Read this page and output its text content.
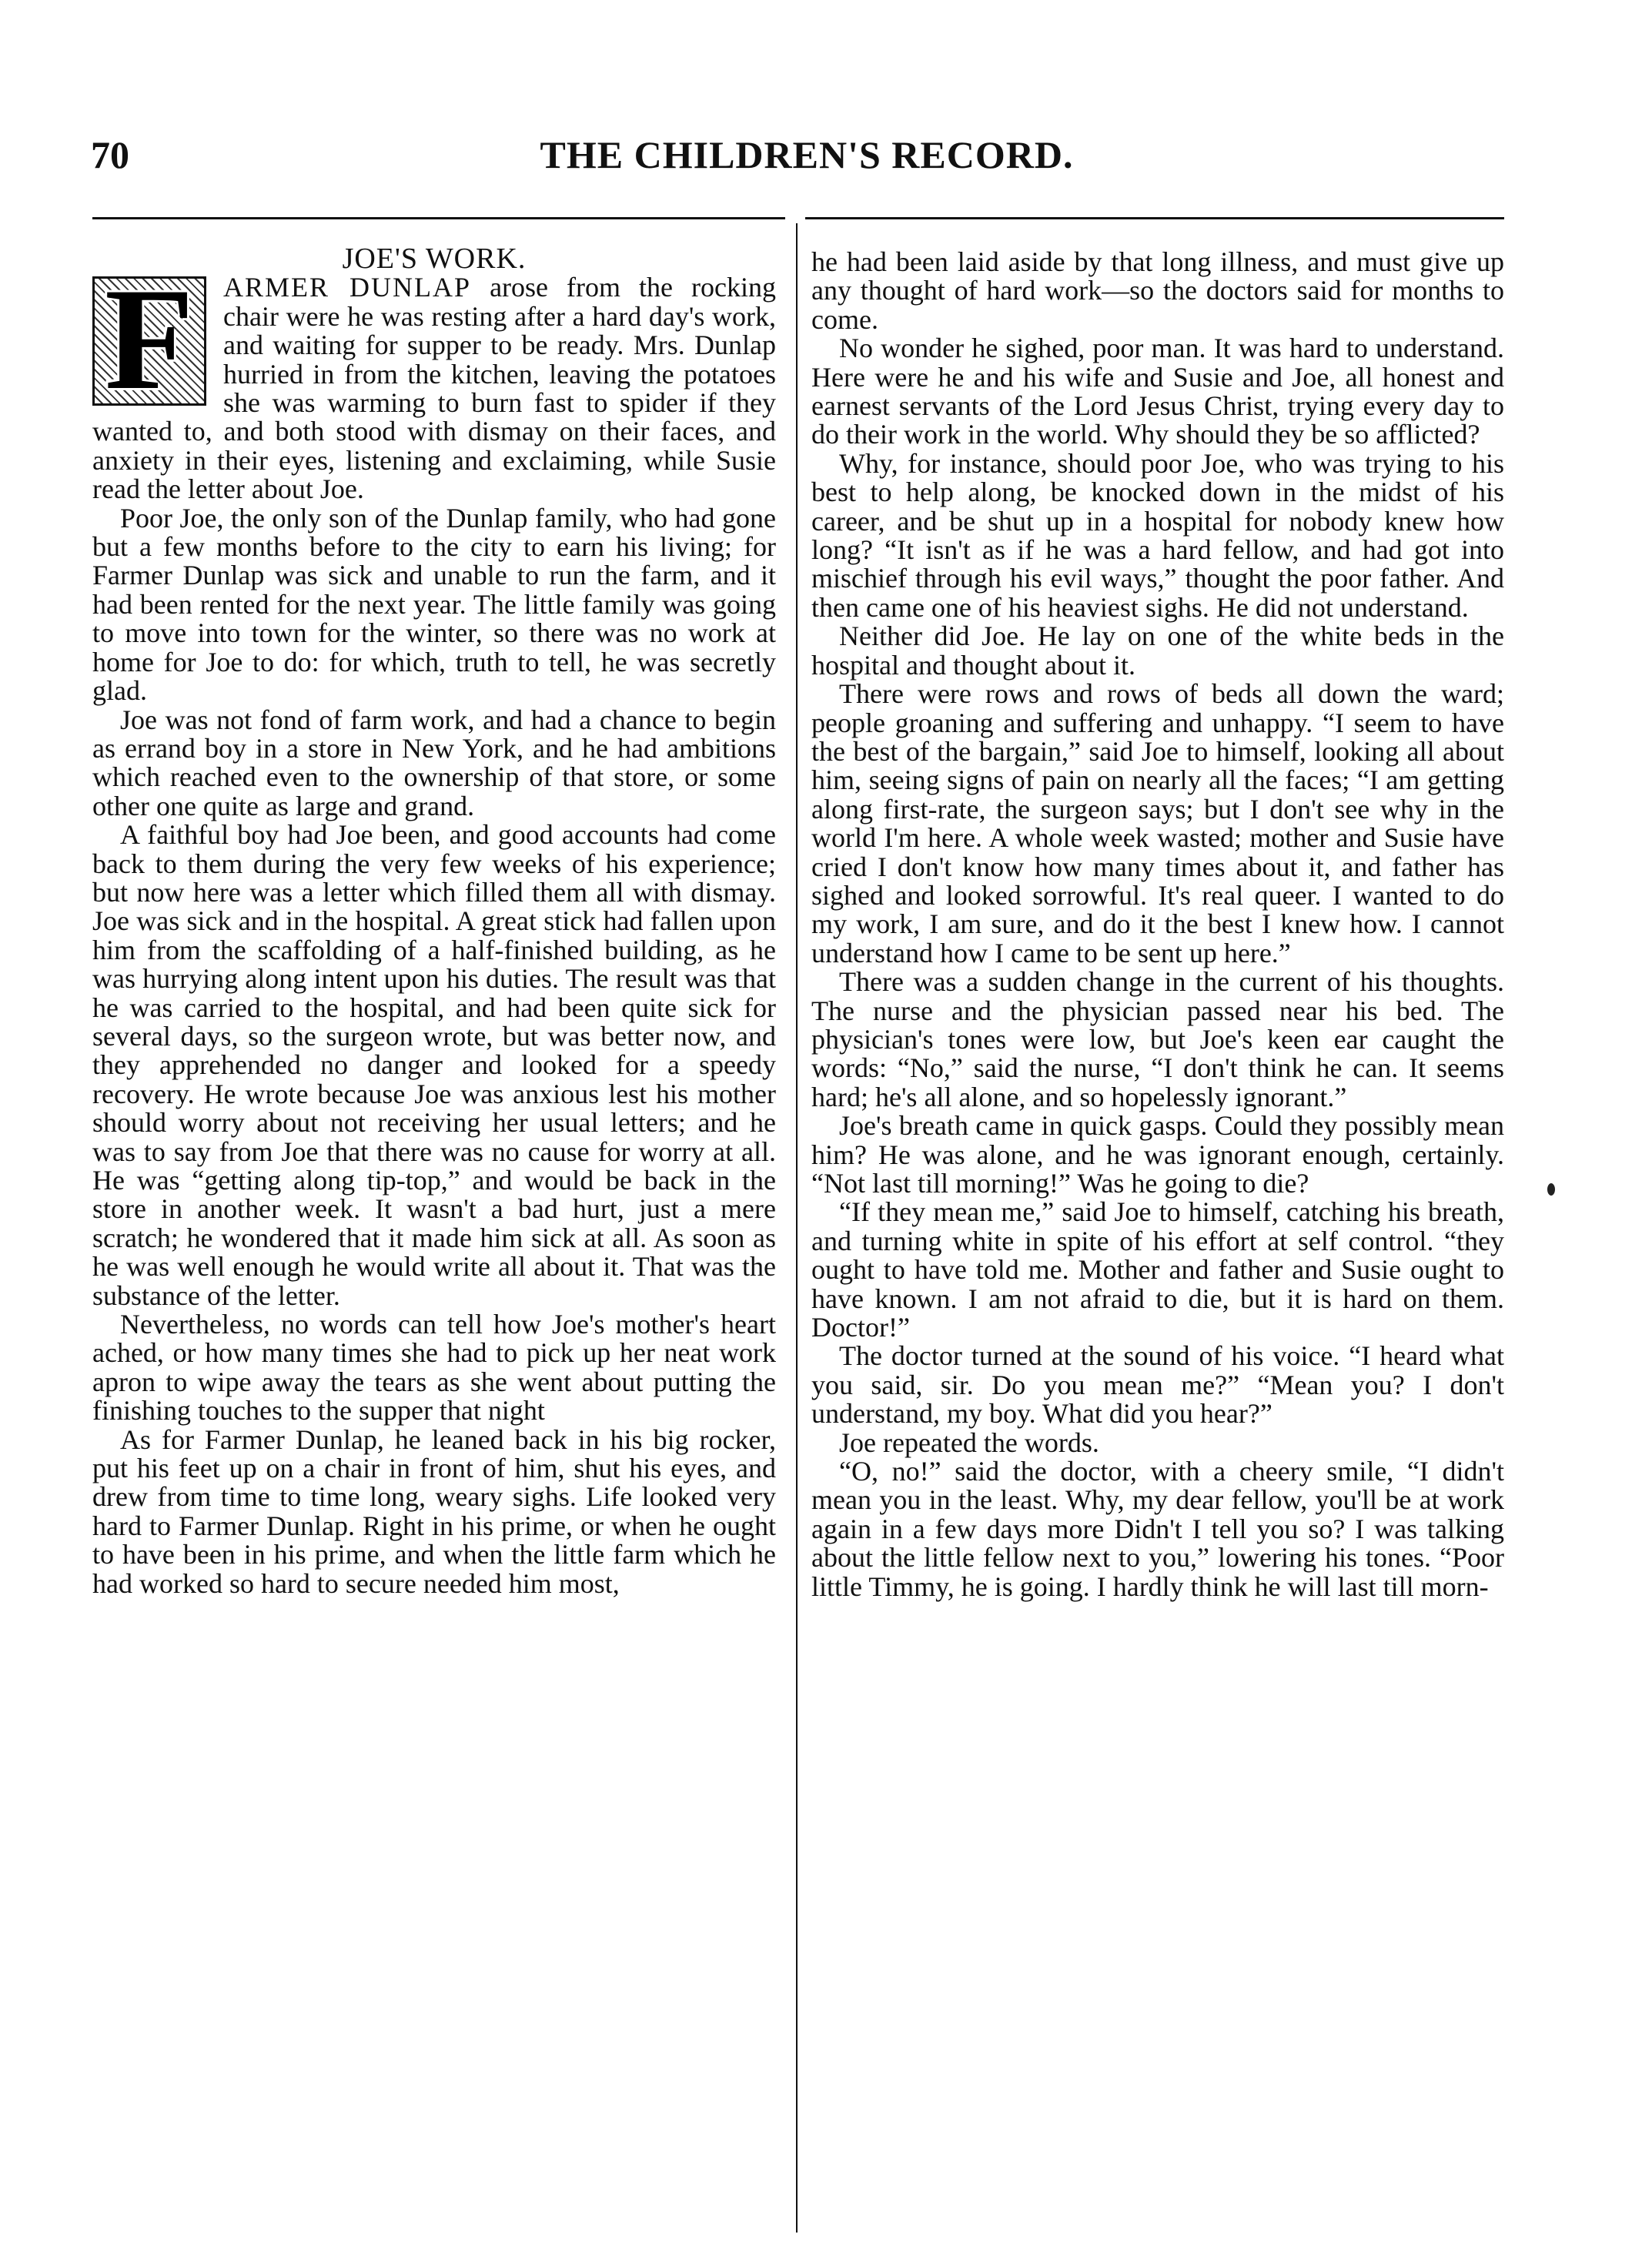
70	THE CHILDREN'S RECORD.

JOE'S WORK.

F	ARMER DUNLAP arose from the rocking chair were he was resting after a hard day's work, and waiting for supper to be ready. Mrs. Dunlap hurried in from the kitchen, leaving the potatoes she was warming to burn fast to spider if they wanted to, and both stood with dismay on their faces, and anxiety in their eyes, listening and exclaiming, while Susie read the letter about Joe.

Poor Joe, the only son of the Dunlap family, who had gone but a few months before to the city to earn his living; for Farmer Dunlap was sick and unable to run the farm, and it had been rented for the next year. The little family was going to move into town for the winter, so there was no work at home for Joe to do: for which, truth to tell, he was secretly glad.

Joe was not fond of farm work, and had a chance to begin as errand boy in a store in New York, and he had ambitions which reached even to the ownership of that store, or some other one quite as large and grand.

A faithful boy had Joe been, and good accounts had come back to them during the very few weeks of his experience; but now here was a letter which filled them all with dismay. Joe was sick and in the hospital. A great stick had fallen upon him from the scaffolding of a half-finished building, as he was hurrying along intent upon his duties. The result was that he was carried to the hospital, and had been quite sick for several days, so the surgeon wrote, but was better now, and they apprehended no danger and looked for a speedy recovery. He wrote because Joe was anxious lest his mother should worry about not receiving her usual letters; and he was to say from Joe that there was no cause for worry at all. He was “getting along tip-top,” and would be back in the store in another week. It wasn't a bad hurt, just a mere scratch; he wondered that it made him sick at all. As soon as he was well enough he would write all about it. That was the substance of the letter.

Nevertheless, no words can tell how Joe's mother's heart ached, or how many times she had to pick up her neat work apron to wipe away the tears as she went about putting the finishing touches to the supper that night

As for Farmer Dunlap, he leaned back in his big rocker, put his feet up on a chair in front of him, shut his eyes, and drew from time to time long, weary sighs. Life looked very hard to Farmer Dunlap. Right in his prime, or when he ought to have been in his prime, and when the little farm which he had worked so hard to secure needed him most,

he had been laid aside by that long illness, and must give up any thought of hard work—so the doctors said for months to come.

No wonder he sighed, poor man. It was hard to understand. Here were he and his wife and Susie and Joe, all honest and earnest servants of the Lord Jesus Christ, trying every day to do their work in the world. Why should they be so afflicted?

Why, for instance, should poor Joe, who was trying to his best to help along, be knocked down in the midst of his career, and be shut up in a hospital for nobody knew how long? “It isn't as if he was a hard fellow, and had got into mischief through his evil ways,” thought the poor father. And then came one of his heaviest sighs. He did not understand.

Neither did Joe. He lay on one of the white beds in the hospital and thought about it.

There were rows and rows of beds all down the ward; people groaning and suffering and unhappy. “I seem to have the best of the bargain,” said Joe to himself, looking all about him, seeing signs of pain on nearly all the faces; “I am getting along first-rate, the surgeon says; but I don't see why in the world I'm here. A whole week wasted; mother and Susie have cried I don't know how many times about it, and father has sighed and looked sorrowful. It's real queer. I wanted to do my work, I am sure, and do it the best I knew how. I cannot understand how I came to be sent up here.”

There was a sudden change in the current of his thoughts. The nurse and the physician passed near his bed. The physician's tones were low, but Joe's keen ear caught the words: “No,” said the nurse, “I don't think he can. It seems hard; he's all alone, and so hopelessly ignorant.”

Joe's breath came in quick gasps. Could they possibly mean him? He was alone, and he was ignorant enough, certainly. “Not last till morning!” Was he going to die?

“If they mean me,” said Joe to himself, catching his breath, and turning white in spite of his effort at self control. “they ought to have told me. Mother and father and Susie ought to have known. I am not afraid to die, but it is hard on them. Doctor!”

The doctor turned at the sound of his voice. “I heard what you said, sir. Do you mean me?” “Mean you? I don't understand, my boy. What did you hear?”

Joe repeated the words.

“O, no!” said the doctor, with a cheery smile, “I didn't mean you in the least. Why, my dear fellow, you'll be at work again in a few days more Didn't I tell you so? I was talking about the little fellow next to you,” lowering his tones. “Poor little Timmy, he is going. I hardly think he will last till morn-
